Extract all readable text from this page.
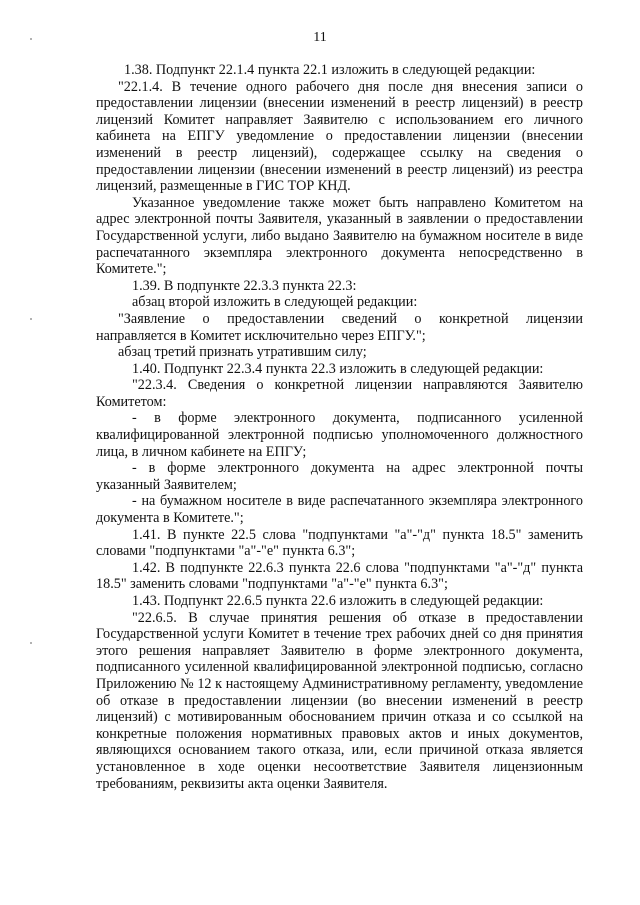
11

1.38. Подпункт 22.1.4 пункта 22.1 изложить в следующей редакции:

"22.1.4. В течение одного рабочего дня после дня внесения записи о предоставлении лицензии (внесении изменений в реестр лицензий) в реестр лицензий Комитет направляет Заявителю с использованием его личного кабинета на ЕПГУ уведомление о предоставлении лицензии (внесении изменений в реестр лицензий), содержащее ссылку на сведения о предоставлении лицензии (внесении изменений в реестр лицензий) из реестра лицензий, размещенные в ГИС ТОР КНД.

Указанное уведомление также может быть направлено Комитетом на адрес электронной почты Заявителя, указанный в заявлении о предоставлении Государственной услуги, либо выдано Заявителю на бумажном носителе в виде распечатанного экземпляра электронного документа непосредственно в Комитете.";

1.39. В подпункте 22.3.3 пункта 22.3:

абзац второй изложить в следующей редакции:

"Заявление о предоставлении сведений о конкретной лицензии направляется в Комитет исключительно через ЕПГУ.";

абзац третий признать утратившим силу;

1.40. Подпункт 22.3.4 пункта 22.3 изложить в следующей редакции:

"22.3.4. Сведения о конкретной лицензии направляются Заявителю Комитетом:

- в форме электронного документа, подписанного усиленной квалифицированной электронной подписью уполномоченного должностного лица, в личном кабинете на ЕПГУ;

- в форме электронного документа на адрес электронной почты указанный Заявителем;

- на бумажном носителе в виде распечатанного экземпляра электронного документа в Комитете.";

1.41. В пункте 22.5 слова "подпунктами "а"-"д" пункта 18.5" заменить словами "подпунктами "а"-"е" пункта 6.3";

1.42. В подпункте 22.6.3 пункта 22.6 слова "подпунктами "а"-"д" пункта 18.5" заменить словами "подпунктами "а"-"е" пункта 6.3";

1.43. Подпункт 22.6.5 пункта 22.6 изложить в следующей редакции:

"22.6.5. В случае принятия решения об отказе в предоставлении Государственной услуги Комитет в течение трех рабочих дней со дня принятия этого решения направляет Заявителю в форме электронного документа, подписанного усиленной квалифицированной электронной подписью, согласно Приложению № 12 к настоящему Административному регламенту, уведомление об отказе в предоставлении лицензии (во внесении изменений в реестр лицензий) с мотивированным обоснованием причин отказа и со ссылкой на конкретные положения нормативных правовых актов и иных документов, являющихся основанием такого отказа, или, если причиной отказа является установленное в ходе оценки несоответствие Заявителя лицензионным требованиям, реквизиты акта оценки Заявителя.
